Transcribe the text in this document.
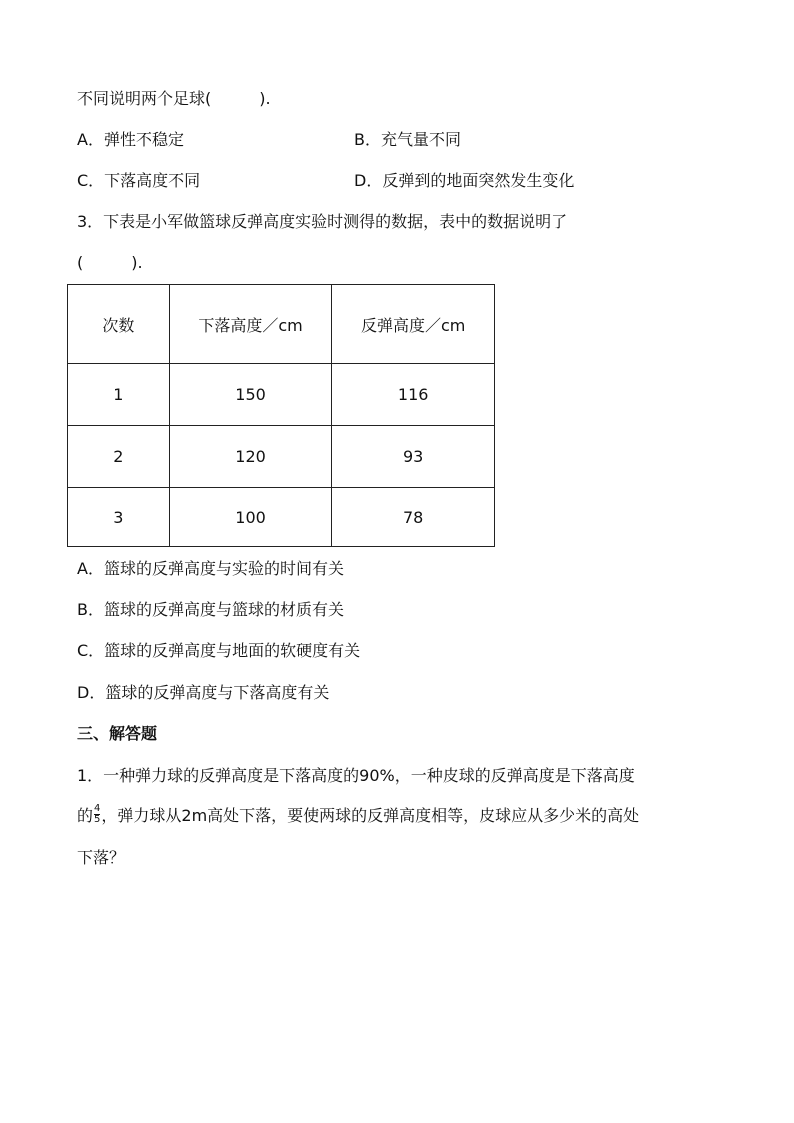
不同说明两个足球(　　　).
A．弹性不稳定	B．充气量不同
C．下落高度不同	D．反弹到的地面突然发生变化
3．下表是小军做篮球反弹高度实验时测得的数据，表中的数据说明了
(　　　).
次数	下落高度／cm	反弹高度／cm
1	150	116
2	120	93
3	100	78
A．篮球的反弹高度与实验的时间有关
B．篮球的反弹高度与篮球的材质有关
C．篮球的反弹高度与地面的软硬度有关
D．篮球的反弹高度与下落高度有关
三、解答题
1．一种弹力球的反弹高度是下落高度的90%，一种皮球的反弹高度是下落高度
的 $\frac{4}{5}$ ，弹力球从2m高处下落，要使两球的反弹高度相等，皮球应从多少米的高处
下落？
